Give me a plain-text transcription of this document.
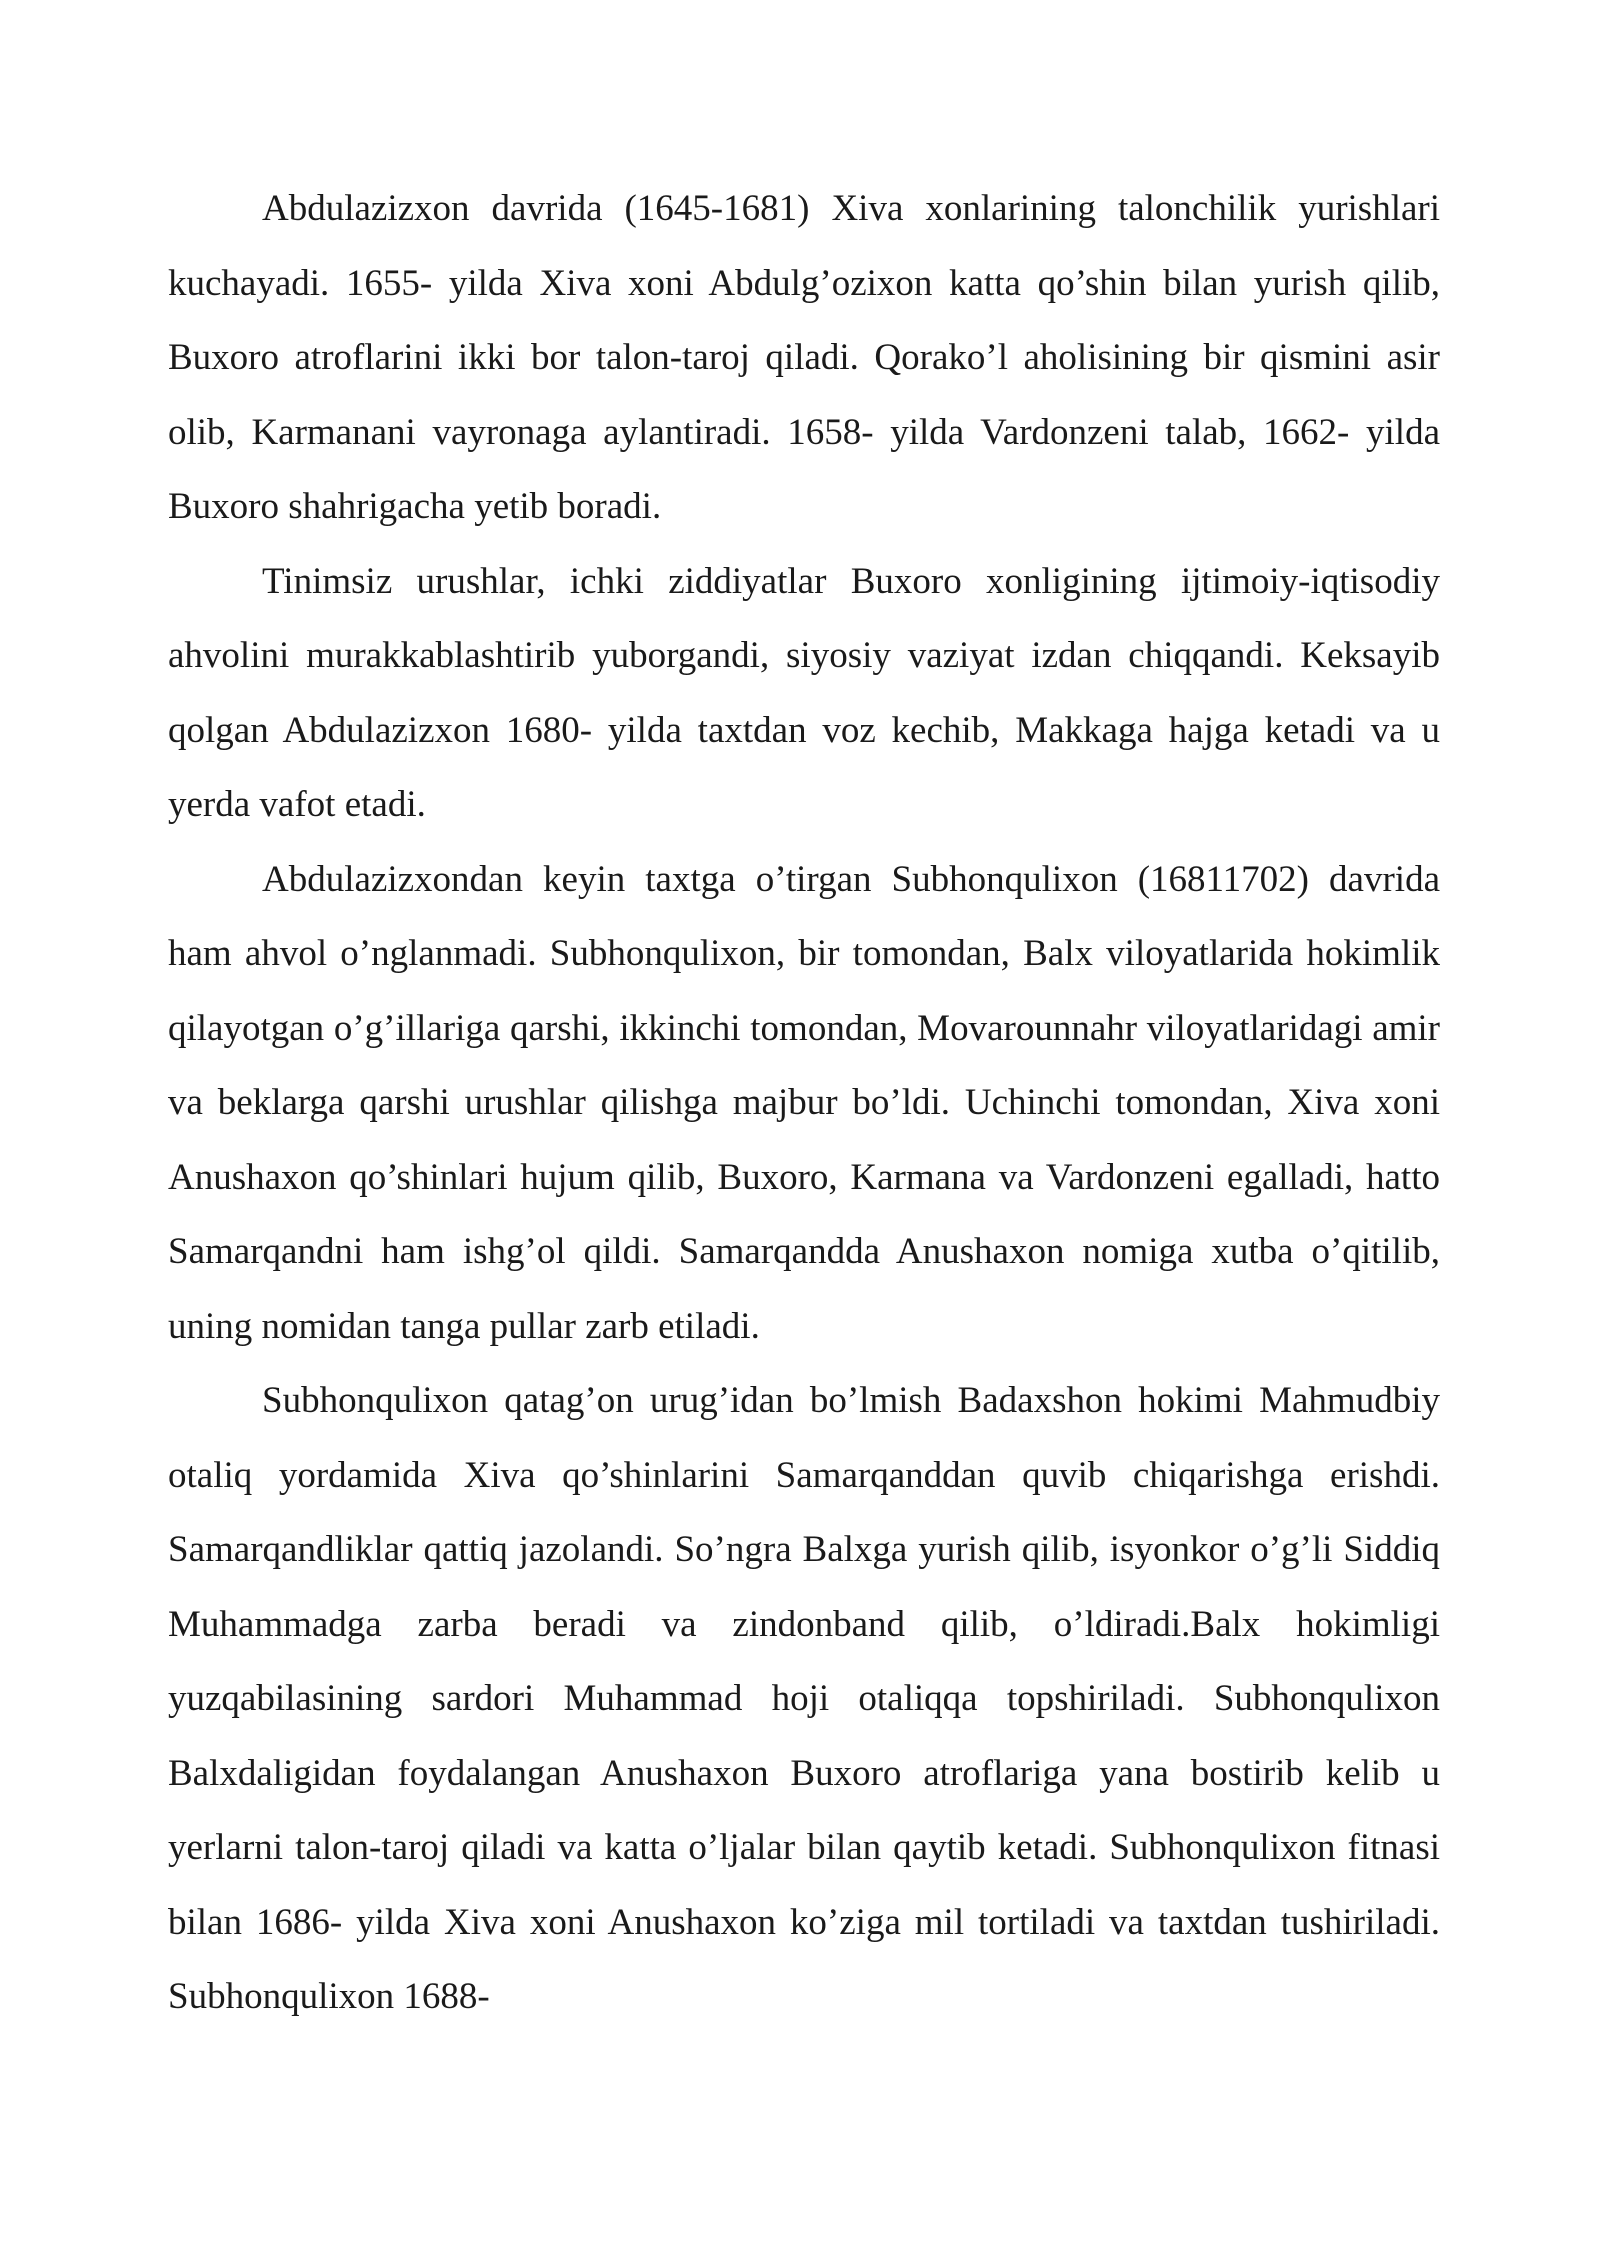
Abdulazizxon davrida (1645-1681) Xiva xonlarining talonchilik yurishlari kuchayadi. 1655- yilda Xiva xoni Abdulg’ozixon katta qo’shin bilan yurish qilib, Buxoro atroflarini ikki bor talon-taroj qiladi. Qorako’l aholisining bir qismini asir olib, Karmanani vayronaga aylantiradi. 1658- yilda Vardonzeni talab, 1662- yilda Buxoro shahrigacha yetib boradi.

Tinimsiz urushlar, ichki ziddiyatlar Buxoro xonligining ijtimoiy-iqtisodiy ahvolini murakkablashtirib yuborgandi, siyosiy vaziyat izdan chiqqandi. Keksayib qolgan Abdulazizxon 1680- yilda taxtdan voz kechib, Makkaga hajga ketadi va u yerda vafot etadi.

Abdulazizxondan keyin taxtga o’tirgan Subhonqulixon (16811702) davrida ham ahvol o’nglanmadi. Subhonqulixon, bir tomondan, Balx viloyatlarida hokimlik qilayotgan o’g’illariga qarshi, ikkinchi tomondan, Movarounnahr viloyatlaridagi amir va beklarga qarshi urushlar qilishga majbur bo’ldi. Uchinchi tomondan, Xiva xoni Anushaxon qo’shinlari hujum qilib, Buxoro, Karmana va Vardonzeni egalladi, hatto Samarqandni ham ishg’ol qildi. Samarqandda Anushaxon nomiga xutba o’qitilib, uning nomidan tanga pullar zarb etiladi.

Subhonqulixon qatag’on urug’idan bo’lmish Badaxshon hokimi Mahmudbiy otaliq yordamida Xiva qo’shinlarini Samarqanddan quvib chiqarishga erishdi. Samarqandliklar qattiq jazolandi. So’ngra Balxga yurish qilib, isyonkor o’g’li Siddiq Muhammadga zarba beradi va zindonband qilib, o’ldiradi.Balx hokimligi yuzqabilasining sardori Muhammad hoji otaliqqa topshiriladi. Subhonqulixon Balxdaligidan foydalangan Anushaxon Buxoro atroflariga yana bostirib kelib u yerlarni talon-taroj qiladi va katta o’ljalar bilan qaytib ketadi. Subhonqulixon fitnasi bilan 1686- yilda Xiva xoni Anushaxon ko’ziga mil tortiladi va taxtdan tushiriladi. Subhonqulixon 1688-
